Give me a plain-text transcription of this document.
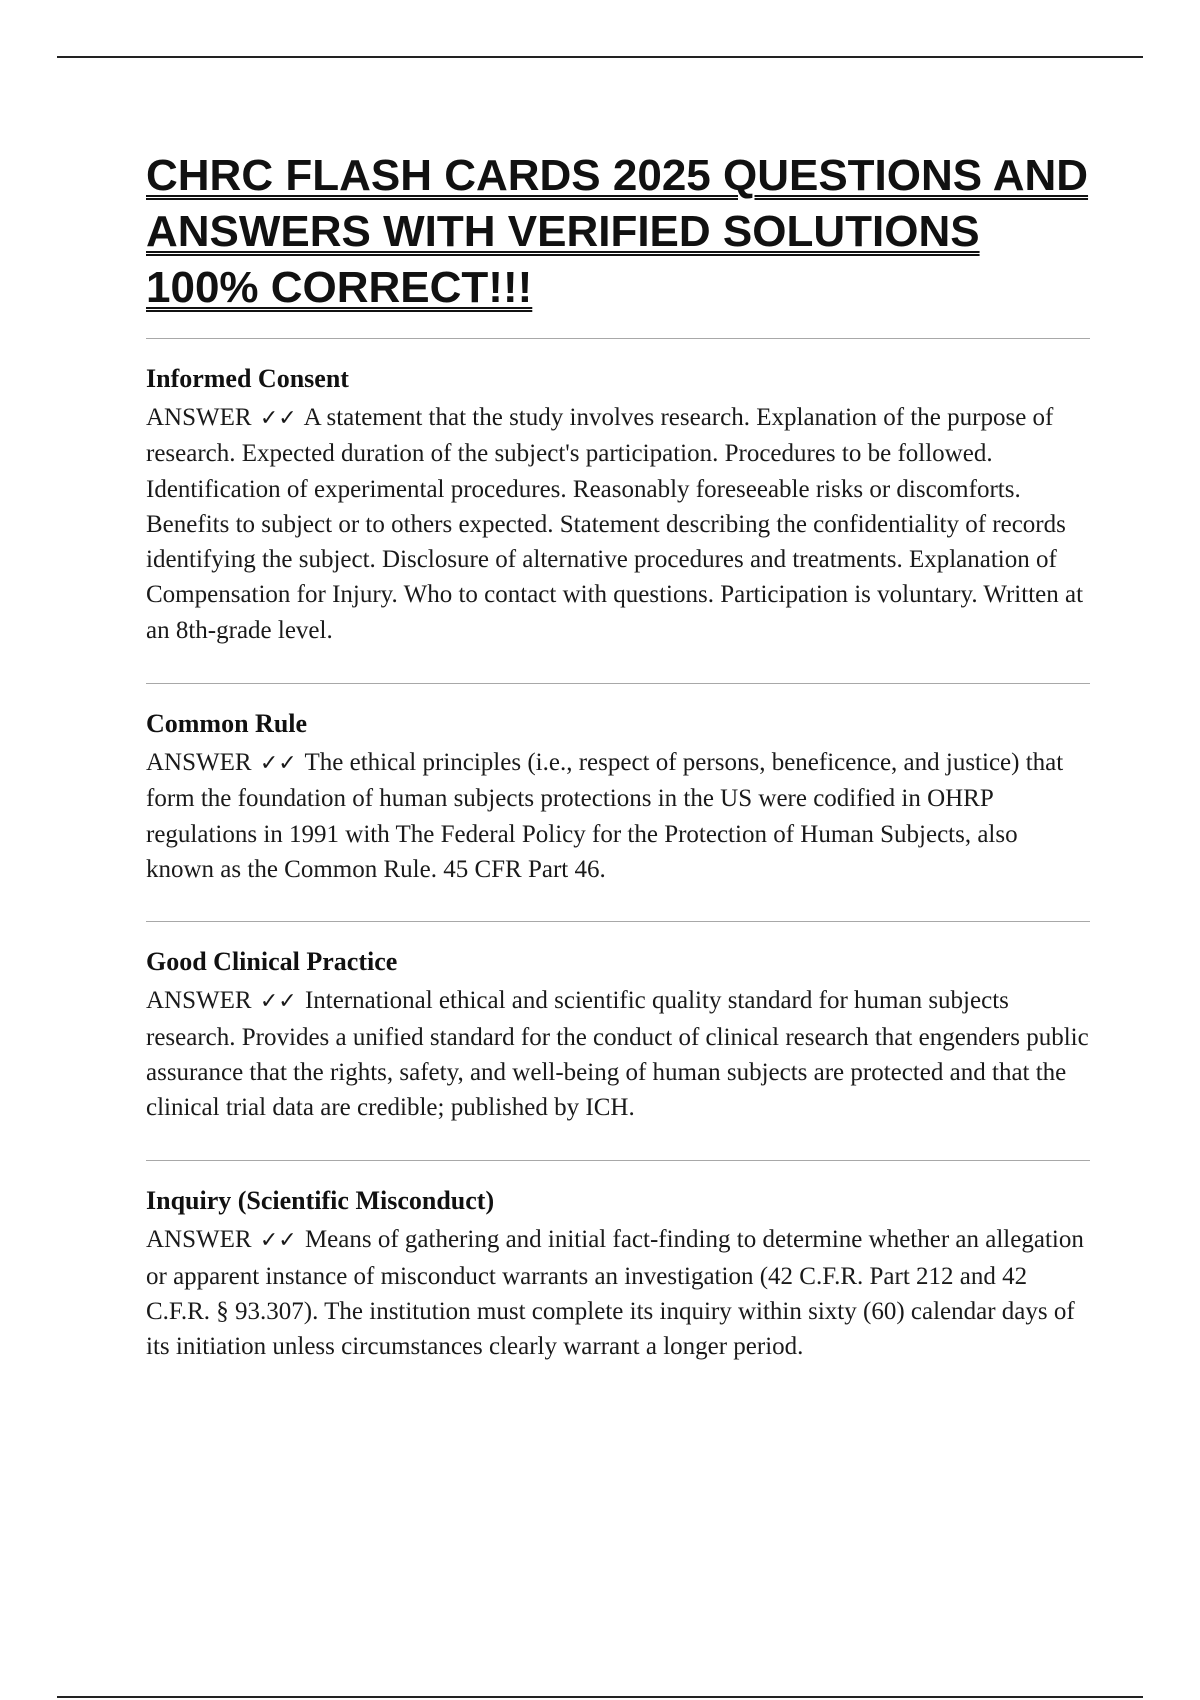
CHRC FLASH CARDS 2025 QUESTIONS AND ANSWERS WITH VERIFIED SOLUTIONS 100% CORRECT!!!
Informed Consent

ANSWER ✓✓ A statement that the study involves research. Explanation of the purpose of research. Expected duration of the subject's participation. Procedures to be followed. Identification of experimental procedures. Reasonably foreseeable risks or discomforts. Benefits to subject or to others expected. Statement describing the confidentiality of records identifying the subject. Disclosure of alternative procedures and treatments. Explanation of Compensation for Injury. Who to contact with questions. Participation is voluntary. Written at an 8th-grade level.

Common Rule

ANSWER ✓✓ The ethical principles (i.e., respect of persons, beneficence, and justice) that form the foundation of human subjects protections in the US were codified in OHRP regulations in 1991 with The Federal Policy for the Protection of Human Subjects, also known as the Common Rule. 45 CFR Part 46.

Good Clinical Practice

ANSWER ✓✓ International ethical and scientific quality standard for human subjects research. Provides a unified standard for the conduct of clinical research that engenders public assurance that the rights, safety, and well-being of human subjects are protected and that the clinical trial data are credible; published by ICH.

Inquiry (Scientific Misconduct)

ANSWER ✓✓ Means of gathering and initial fact-finding to determine whether an allegation or apparent instance of misconduct warrants an investigation (42 C.F.R. Part 212 and 42 C.F.R. § 93.307). The institution must complete its inquiry within sixty (60) calendar days of its initiation unless circumstances clearly warrant a longer period.
